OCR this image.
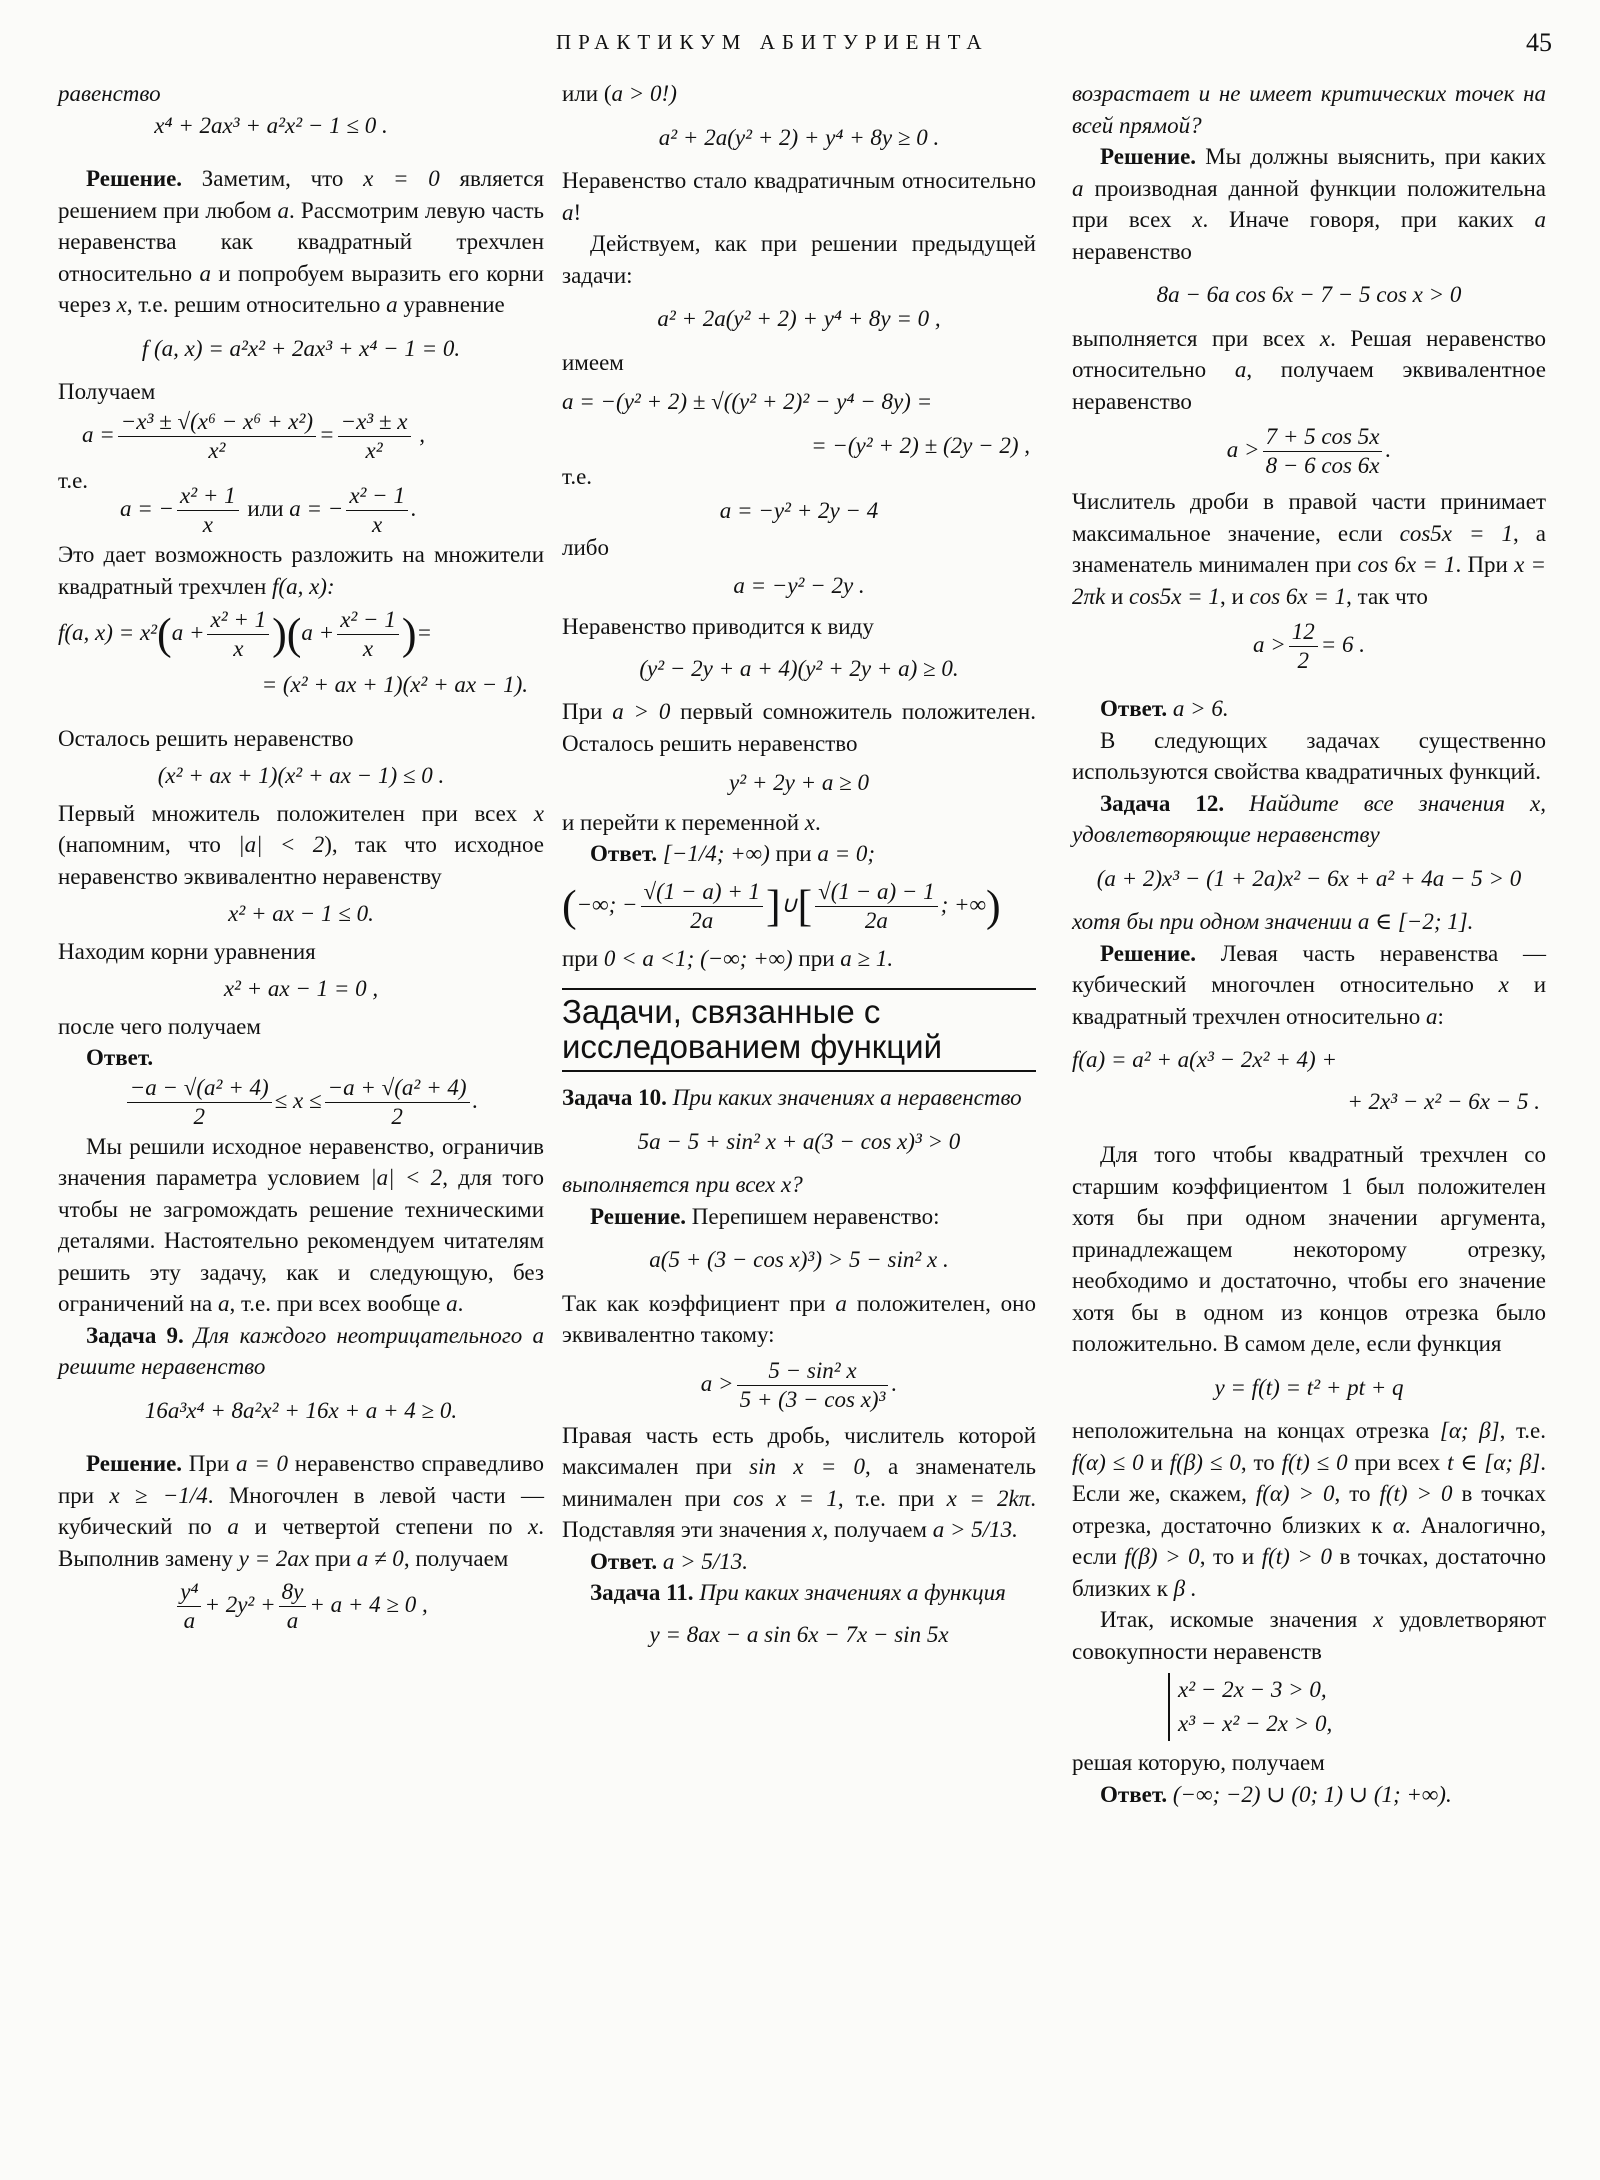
ПРАКТИКУМ АБИТУРИЕНТА	45

равенство

x⁴ + 2ax³ + a²x² − 1 ≤ 0 .

Решение. Заметим, что x = 0 является решением при любом a. Рассмотрим левую часть неравенства как квадратный трехчлен относительно a и попробуем выразить его корни через x, т.е. решим относительно a уравнение

f (a, x) = a²x² + 2ax³ + x⁴ − 1 = 0.

Получаем

$a = \frac{\text{−x³ ± √(x⁶ − x⁶ + x²)}}{\text{x²}} = \frac{\text{−x³ ± x}}{\text{x²}}$ ,

т.е.

a = − $\frac{\text{x² + 1}}{x}$ или a = − $\frac{\text{x² − 1}}{x}$ .

Это дает возможность разложить на множители квадратный трехчлен f(a, x):

f(a, $x) = x^2(a + \frac{\text{x² + 1}}{x} )(a + \frac{\text{x² − 1}}{x}$ )=
= (x² + ax + 1)(x² + ax − 1).

Осталось решить неравенство

(x² + ax + 1)(x² + ax − 1) ≤ 0 .

Первый множитель положителен при всех x (напомним, что |a| < 2), так что исходное неравенство эквивалентно неравенству

x² + ax − 1 ≤ 0.

Находим корни уравнения

x² + ax − 1 = 0 ,

после чего получаем

Ответ.

$\frac{\text{−a − √(a² + 4)}}{2} \le x \le \frac{\text{−a + √(a² + 4)}}{2}$ .

Мы решили исходное неравенство, ограничив значения параметра условием |a| < 2, для того чтобы не загромождать решение техническими деталями. Настоятельно рекомендуем читателям решить эту задачу, как и следующую, без ограничений на a, т.е. при всех вообще a.

Задача 9. Для каждого неотрицательного a решите неравенство

16a³x⁴ + 8a²x² + 16x + a + 4 ≥ 0.

Решение. При a = 0 неравенство справедливо при x ≥ −1/4. Многочлен в левой части — кубический по a и четвертой степени по x. Выполнив замену y = 2ax при a ≠ 0, получаем

$\frac{\text{y⁴}}{a} + 2y^2 + \frac{8y}{a} + a + 4 \ge 0$ ,

или (a > 0!)

a² + 2a(y² + 2) + y⁴ + 8y ≥ 0 .

Неравенство стало квадратичным относительно a!

Действуем, как при решении предыдущей задачи:

a² + 2a(y² + 2) + y⁴ + 8y = 0 ,

имеем

a = −(y² + 2) ± √((y² + 2)² − y⁴ − 8y) =
= −(y² + 2) ± (2y − 2) ,

т.е.

a = −y² + 2y − 4

либо

a = −y² − 2y .

Неравенство приводится к виду

(y² − 2y + a + 4)(y² + 2y + a) ≥ 0.

При a > 0 первый сомножитель положителен. Осталось решить неравенство

y² + 2y + a ≥ 0

и перейти к переменной x.

Ответ. [−1/4; +∞) при a = 0;

(−∞; − $\frac{√(1 - a) + 1}{2a}$ ]∪[ $\frac{√(1 - a) - 1}{2a}$ ; +∞)

при 0 < a <1; (−∞; +∞) при a ≥ 1.

Задачи, связанные с исследованием функций

Задача 10. При каких значениях a неравенство

5a − 5 + sin² x + a(3 − cos x)³ > 0

выполняется при всех x?

Решение. Перепишем неравенство:

a(5 + (3 − cos x)³) > 5 − sin² x .

Так как коэффициент при a положителен, оно эквивалентно такому:

$a > \frac{\text{5 − sin² x}}{\text{5 + (3 − cos x)³}}$ .

Правая часть есть дробь, числитель которой максимален при sin x = 0, а знаменатель минимален при cos x = 1, т.е. при x = 2kπ. Подставляя эти значения x, получаем a > 5/13.

Ответ. a > 5/13.

Задача 11. При каких значениях a функция

y = 8ax − a sin 6x − 7x − sin 5x

возрастает и не имеет критических точек на всей прямой?

Решение. Мы должны выяснить, при каких a производная данной функции положительна при всех x. Иначе говоря, при каких a неравенство

8a − 6a cos 6x − 7 − 5 cos x > 0

выполняется при всех x. Решая неравенство относительно a, получаем эквивалентное неравенство

$a > \frac{7 + 5 \cos 5x}{8 - 6 \cos 6x}$ .

Числитель дроби в правой части принимает максимальное значение, если cos5x = 1, а знаменатель минимален при cos 6x = 1. При x = 2πk и cos5x = 1, и cos 6x = 1, так что

$a > \frac{12}{2} = 6$ .

Ответ. a > 6.

В следующих задачах существенно используются свойства квадратичных функций.

Задача 12. Найдите все значения x, удовлетворяющие неравенству

(a + 2)x³ − (1 + 2a)x² − 6x + a² + 4a − 5 > 0

хотя бы при одном значении a ∈ [−2; 1].

Решение. Левая часть неравенства — кубический многочлен относительно x и квадратный трехчлен относительно a:

f(a) = a² + a(x³ − 2x² + 4) +
+ 2x³ − x² − 6x − 5 .

Для того чтобы квадратный трехчлен со старшим коэффициентом 1 был положителен хотя бы при одном значении аргумента, принадлежащем некоторому отрезку, необходимо и достаточно, чтобы его значение хотя бы в одном из концов отрезка было положительно. В самом деле, если функция

y = f(t) = t² + pt + q

неположительна на концах отрезка [α; β], т.е. f(α) ≤ 0 и f(β) ≤ 0, то f(t) ≤ 0 при всех t ∈ [α; β]. Если же, скажем, f(α) > 0, то f(t) > 0 в точках отрезка, достаточно близких к α. Аналогично, если f(β) > 0, то и f(t) > 0 в точках, достаточно близких к β .

Итак, искомые значения x удовлетворяют совокупности неравенств

x² − 2x − 3 > 0,
x³ − x² − 2x > 0,

решая которую, получаем

Ответ. (−∞; −2) ∪ (0; 1) ∪ (1; +∞).
